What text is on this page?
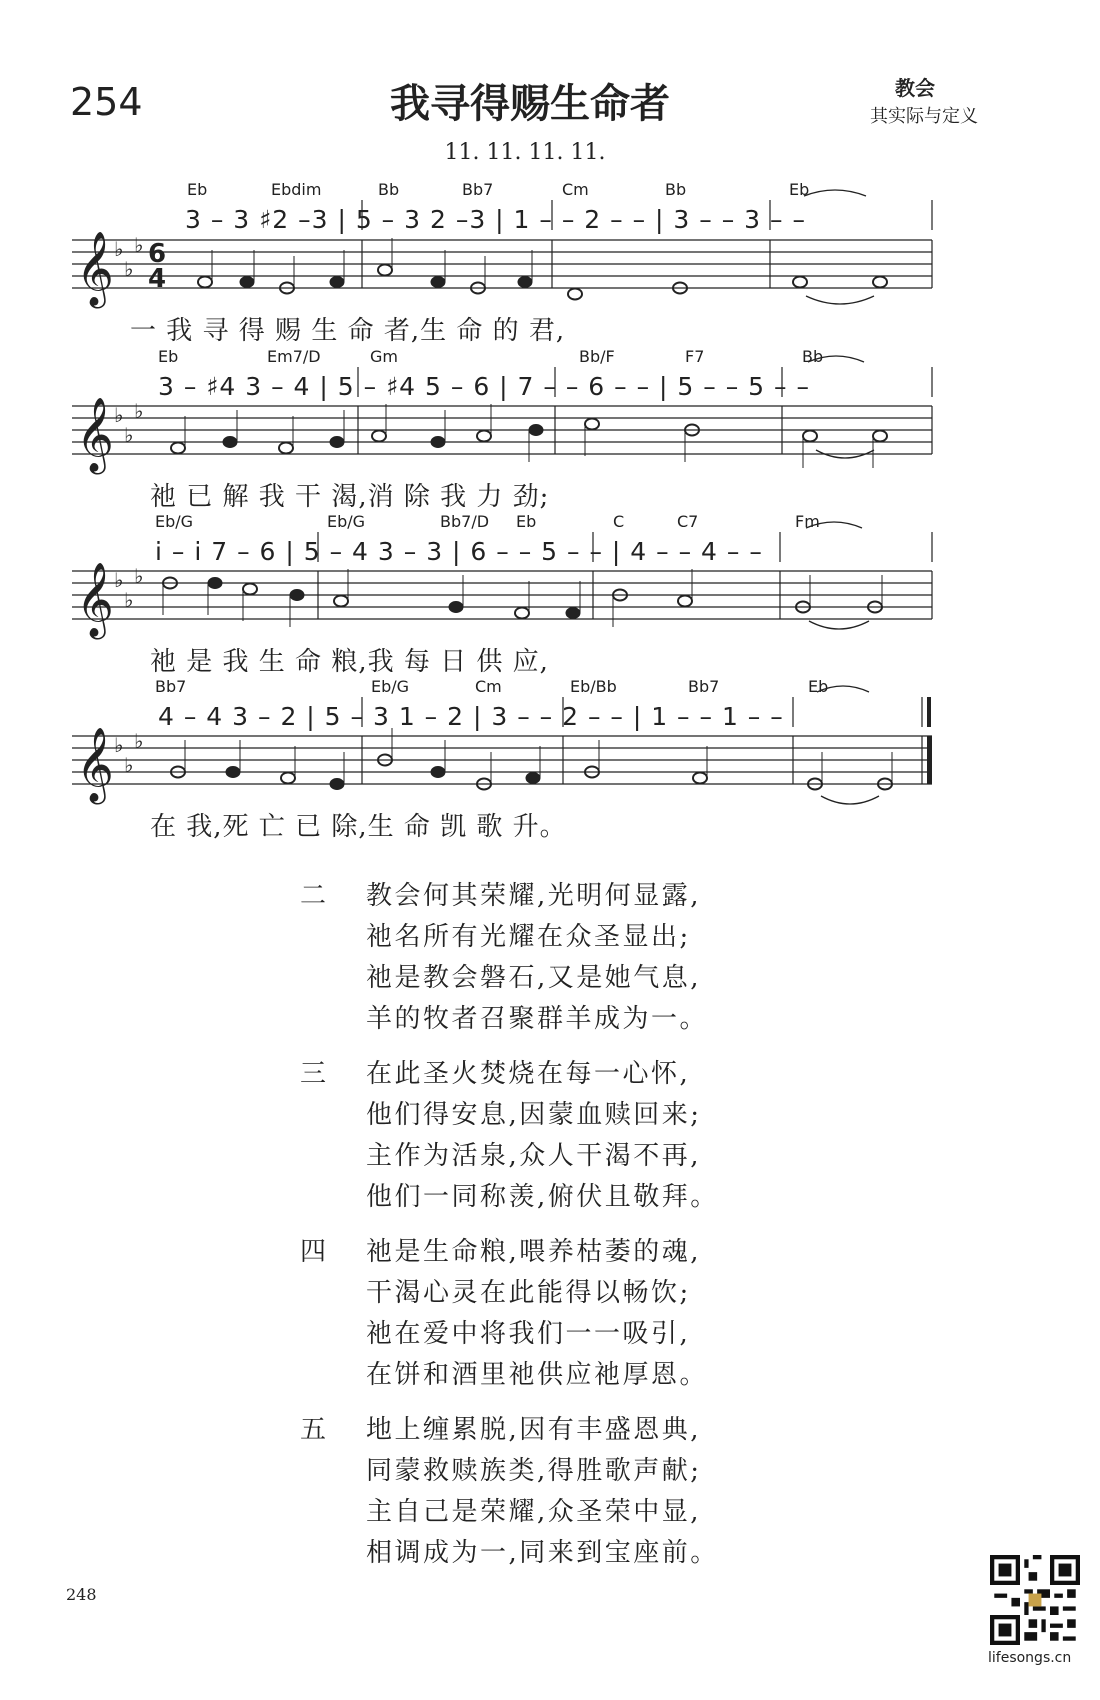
254	我寻得赐生命者	教会
其实际与定义
11. 11. 11. 11.
Eb	Ebdim	Bb	Bb7	Cm	Bb	Eb
3 – 3 ♯2 –3 | 5 – 3 2 –3 | 1 – – 2 – – | 3 – – 3 – –
一 我 寻 得 赐 生 命 者,生 命 的 君,
Eb	Em7/D	Gm	Bb/F	F7	Bb
3 – ♯4 3 – 4 | 5 – ♯4 5 – 6 | 7 – – 6 – – | 5 – – 5 – –
祂 已 解 我 干 渴,消 除 我 力 劲;
Eb/G	Eb/G	Bb7/D Eb	C	C7	Fm
i – i 7 – 6 | 5 – 4 3 – 3 | 6 – – 5 – – | 4 – – 4 – –
祂 是 我 生 命 粮,我 每 日 供 应,
Bb7	Eb/G	Cm	Eb/Bb	Bb7	Eb
4 – 4 3 – 2 | 5 – 3 1 – 2 | 3 – – 2 – – | 1 – – 1 – –
在 我,死 亡 已 除,生 命 凯 歌 升。
𝄞
𝄞
𝄞
𝄞
♭
♭
♭
♭
♭
♭
♭
♭
♭
♭
♭
♭
6
4
二	教会何其荣耀,光明何显露,
祂名所有光耀在众圣显出;
祂是教会磐石,又是她气息,
羊的牧者召聚群羊成为一。
三	在此圣火焚烧在每一心怀,
他们得安息,因蒙血赎回来;
主作为活泉,众人干渴不再,
他们一同称羡,俯伏且敬拜。
四	祂是生命粮,喂养枯萎的魂,
干渴心灵在此能得以畅饮;
祂在爱中将我们一一吸引,
在饼和酒里祂供应祂厚恩。
五	地上缠累脱,因有丰盛恩典,
同蒙救赎族类,得胜歌声献;
主自己是荣耀,众圣荣中显,
相调成为一,同来到宝座前。
248
lifesongs.cn
